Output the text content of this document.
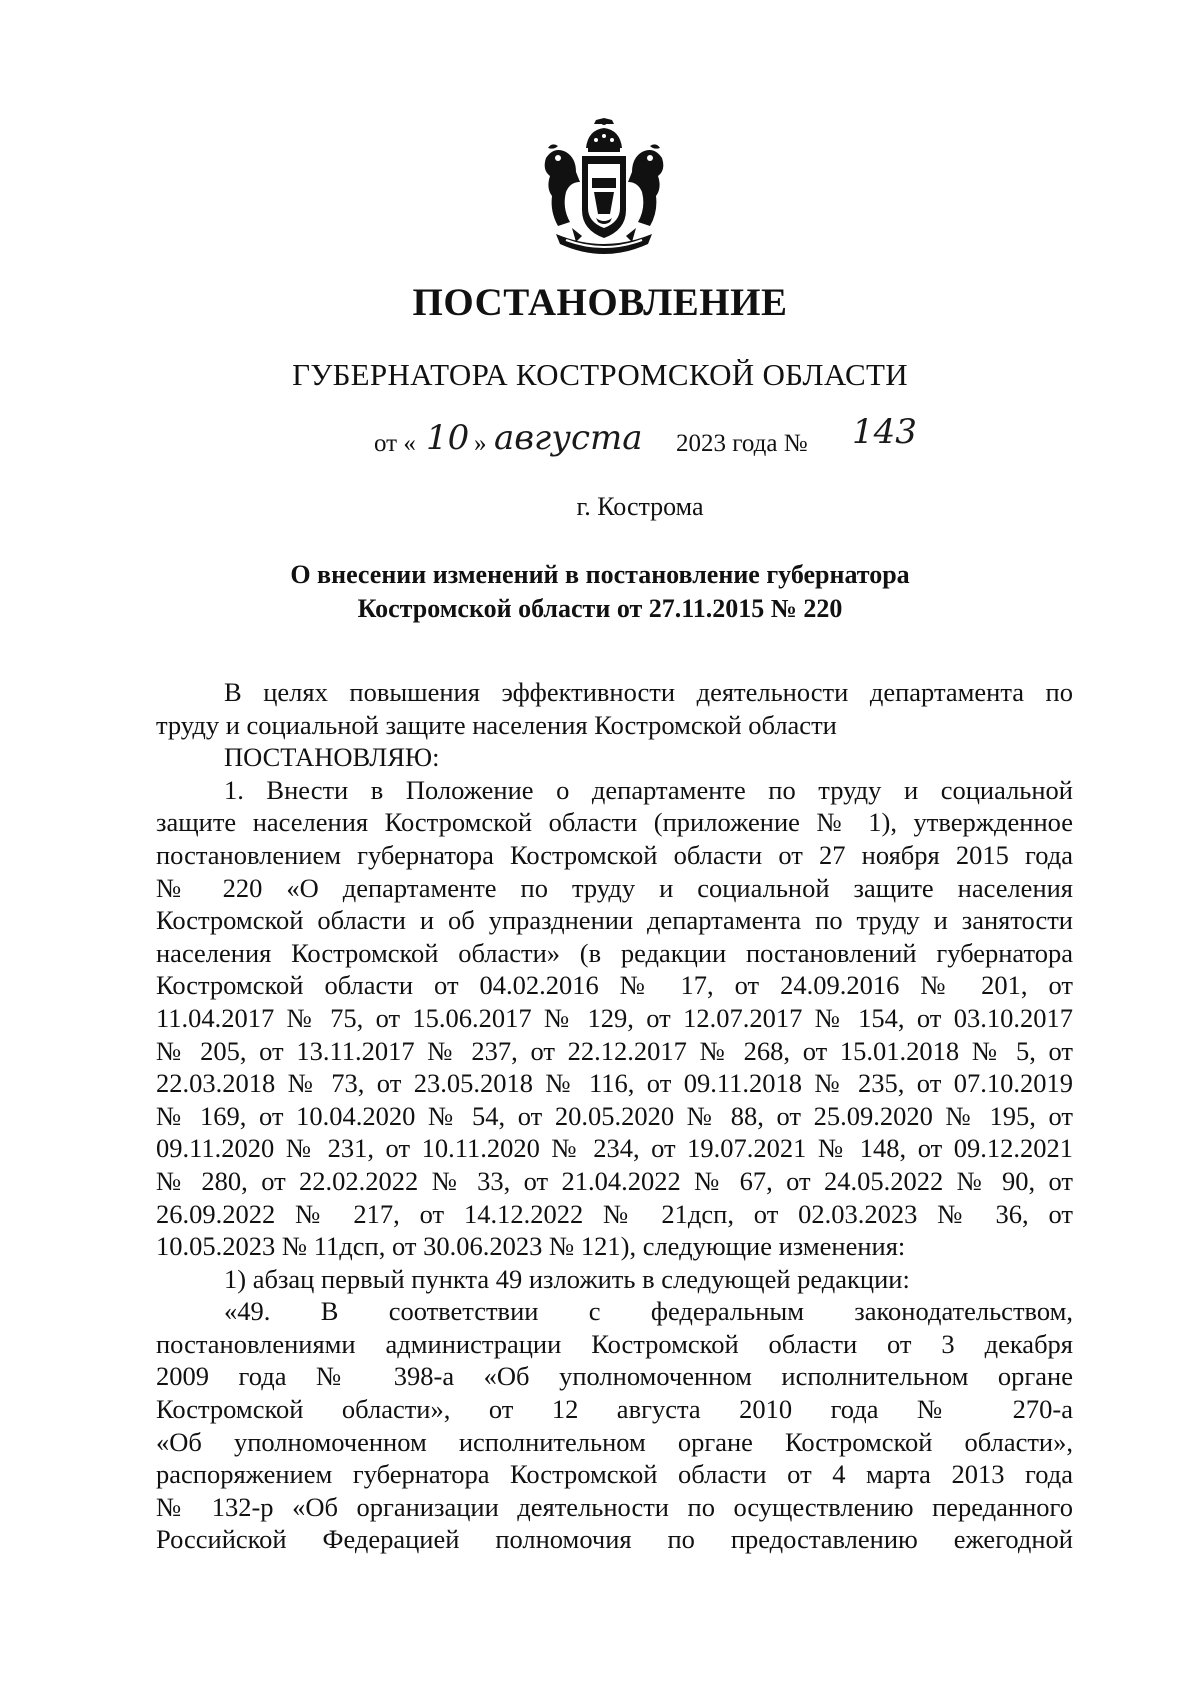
ПОСТАНОВЛЕНИЕ
ГУБЕРНАТОРА КОСТРОМСКОЙ ОБЛАСТИ
от « 10 » августа 2023 года № 143
г. Кострома
О внесении изменений в постановление губернатора
Костромской области от 27.11.2015 № 220

В целях повышения эффективности деятельности департамента по

труду и социальной защите населения Костромской области

ПОСТАНОВЛЯЮ:

1. Внести в Положение о департаменте по труду и социальной

защите населения Костромской области (приложение № 1), утвержденное

постановлением губернатора Костромской области от 27 ноября 2015 года

№ 220 «О департаменте по труду и социальной защите населения

Костромской области и об упразднении департамента по труду и занятости

населения Костромской области» (в редакции постановлений губернатора

Костромской области от 04.02.2016 № 17, от 24.09.2016 № 201, от

11.04.2017 № 75, от 15.06.2017 № 129, от 12.07.2017 № 154, от 03.10.2017

№ 205, от 13.11.2017 № 237, от 22.12.2017 № 268, от 15.01.2018 № 5, от

22.03.2018 № 73, от 23.05.2018 № 116, от 09.11.2018 № 235, от 07.10.2019

№ 169, от 10.04.2020 № 54, от 20.05.2020 № 88, от 25.09.2020 № 195, от

09.11.2020 № 231, от 10.11.2020 № 234, от 19.07.2021 № 148, от 09.12.2021

№ 280, от 22.02.2022 № 33, от 21.04.2022 № 67, от 24.05.2022 № 90, от

26.09.2022 № 217, от 14.12.2022 № 21дсп, от 02.03.2023 № 36, от

10.05.2023 № 11дсп, от 30.06.2023 № 121), следующие изменения:

1) абзац первый пункта 49 изложить в следующей редакции:

«49. В соответствии с федеральным законодательством,

постановлениями администрации Костромской области от 3 декабря

2009 года № 398-а «Об уполномоченном исполнительном органе

Костромской области», от 12 августа 2010 года № 270-а

«Об уполномоченном исполнительном органе Костромской области»,

распоряжением губернатора Костромской области от 4 марта 2013 года

№ 132-р «Об организации деятельности по осуществлению переданного

Российской Федерацией полномочия по предоставлению ежегодной
